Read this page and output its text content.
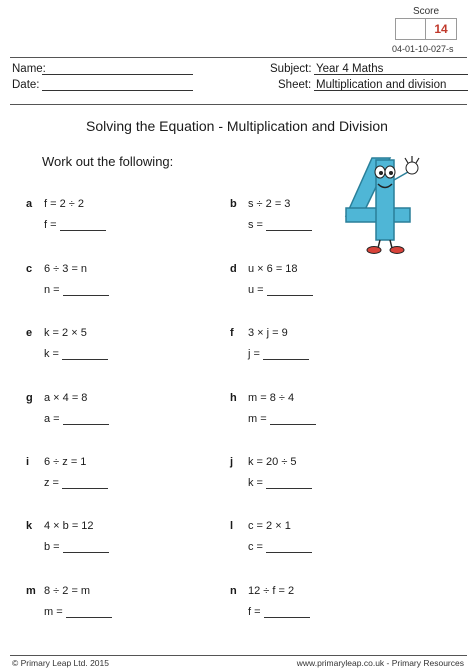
Score
14
04-01-10-027-s
Name:
Date:
Subject: Year 4 Maths
Sheet: Multiplication and division
Solving the Equation - Multiplication and Division
Work out the following:
a f = 2 ÷ 2
f =
b s ÷ 2 = 3
s =
c 6 ÷ 3 = n
n =
d u × 6 = 18
u =
e k = 2 × 5
k =
f 3 × j = 9
j =
g a × 4 = 8
a =
h m = 8 ÷ 4
m =
i 6 ÷ z = 1
z =
j k = 20 ÷ 5
k =
k 4 × b = 12
b =
l c = 2 × 1
c =
m 8 ÷ 2 = m
m =
n 12 ÷ f = 2
f =
© Primary Leap Ltd. 2015	www.primaryleap.co.uk - Primary Resources
